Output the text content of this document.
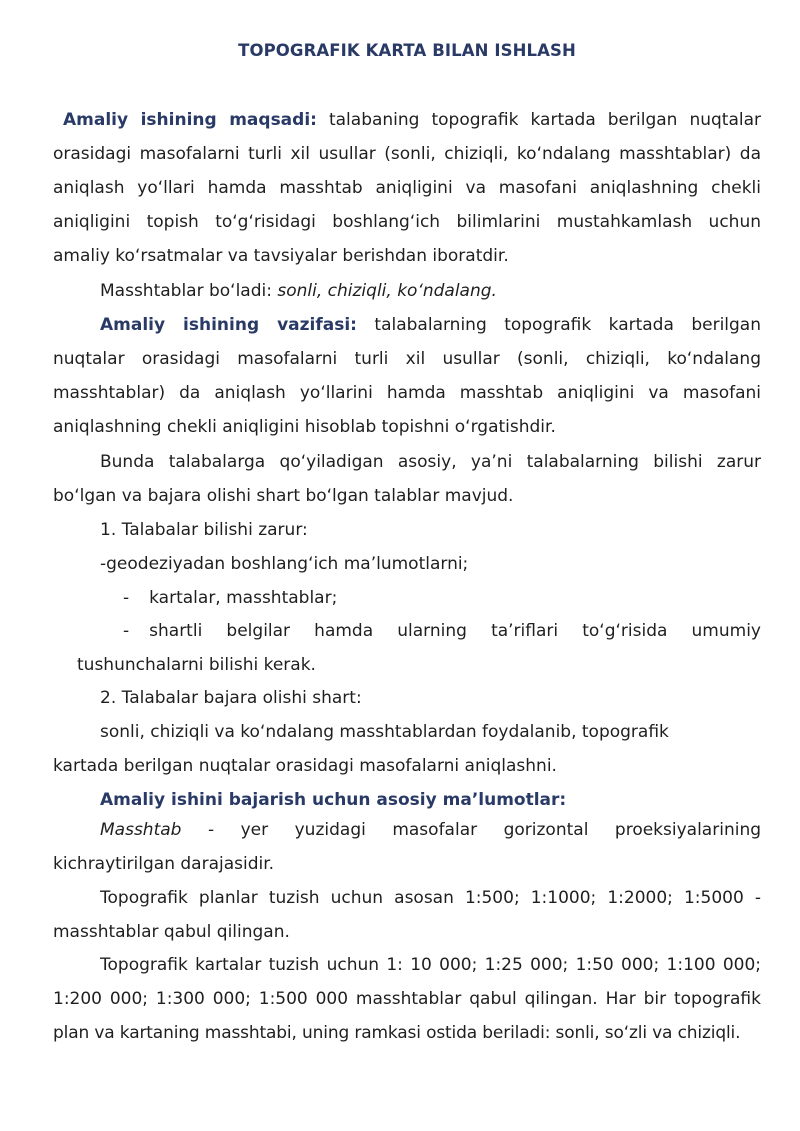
TOPOGRAFIK KARTA BILAN ISHLASH
Amaliy ishining maqsadi: talabaning topografik kartada berilgan nuqtalar
orasidagi masofalarni turli xil usullar (sonli, chiziqli, ko‘ndalang masshtablar) da
aniqlash yo‘llari hamda masshtab aniqligini va masofani aniqlashning chekli
aniqligini topish to‘g‘risidagi boshlang‘ich bilimlarini mustahkamlash uchun
amaliy ko‘rsatmalar va tavsiyalar berishdan iboratdir.
Masshtablar bo‘ladi: sonli, chiziqli, ko‘ndalang.
Amaliy ishining vazifasi: talabalarning topografik kartada berilgan
nuqtalar orasidagi masofalarni turli xil usullar (sonli, chiziqli, ko‘ndalang
masshtablar) da aniqlash yo‘llarini hamda masshtab aniqligini va masofani
aniqlashning chekli aniqligini hisoblab topishni o‘rgatishdir.
Bunda talabalarga qo‘yiladigan asosiy, ya’ni talabalarning bilishi zarur
bo‘lgan va bajara olishi shart bo‘lgan talablar mavjud.
1. Talabalar bilishi zarur:
-geodeziyadan boshlang‘ich ma’lumotlarni;
- kartalar, masshtablar;
- shartli belgilar hamda ularning ta’riflari to‘g‘risida umumiy
tushunchalarni bilishi kerak.
2. Talabalar bajara olishi shart:
sonli, chiziqli va ko‘ndalang masshtablardan foydalanib, topografik
kartada berilgan nuqtalar orasidagi masofalarni aniqlashni.
Amaliy ishini bajarish uchun asosiy ma’lumotlar:
Masshtab - yer yuzidagi masofalar gorizontal proeksiyalarining
kichraytirilgan darajasidir.
Topografik planlar tuzish uchun asosan 1:500; 1:1000; 1:2000; 1:5000 -
masshtablar qabul qilingan.
Topografik kartalar tuzish uchun 1: 10 000; 1:25 000; 1:50 000; 1:100 000;
1:200 000; 1:300 000; 1:500 000 masshtablar qabul qilingan. Har bir topografik
plan va kartaning masshtabi, uning ramkasi ostida beriladi: sonli, so‘zli va chiziqli.
